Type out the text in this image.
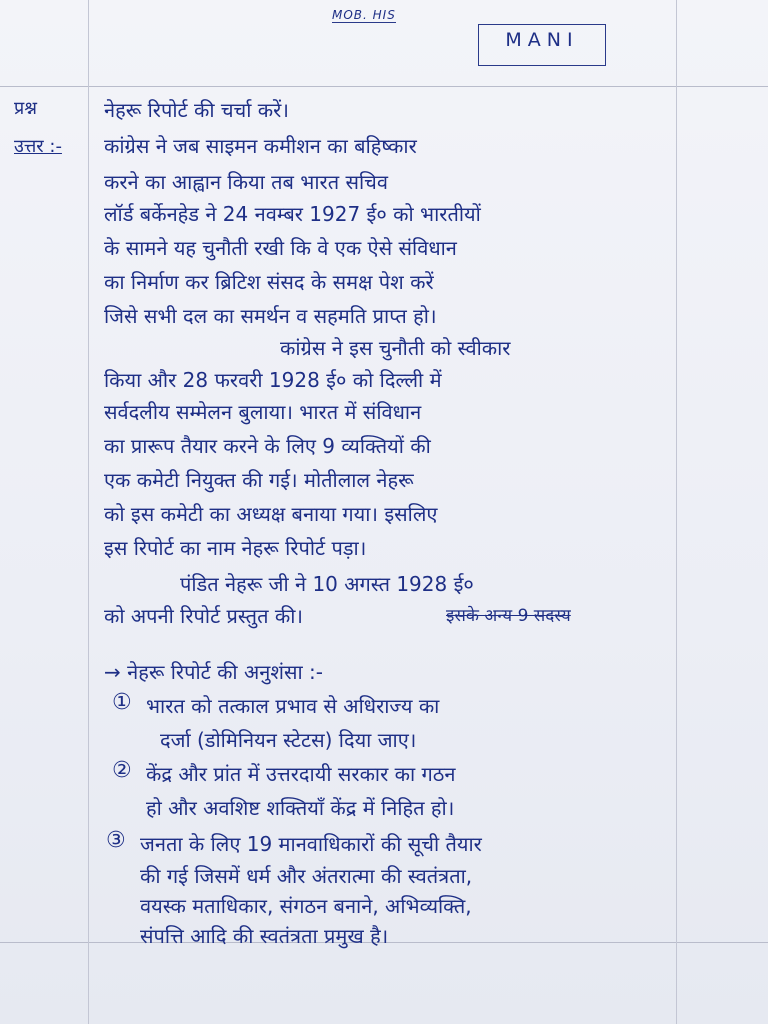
MOB. HIS
MANI
प्रश्न	नेहरू रिपोर्ट की चर्चा करें।
उत्तर :- कांग्रेस ने जब साइमन कमीशन का बहिष्कार
करने का आह्वान किया तब भारत सचिव
लॉर्ड बर्केनहेड ने 24 नवम्बर 1927 ई० को भारतीयों
के सामने यह चुनौती रखी कि वे एक ऐसे संविधान
का निर्माण कर ब्रिटिश संसद के समक्ष पेश करें
जिसे सभी दल का समर्थन व सहमति प्राप्त हो।
कांग्रेस ने इस चुनौती को स्वीकार
किया और 28 फरवरी 1928 ई० को दिल्ली में
सर्वदलीय सम्मेलन बुलाया। भारत में संविधान
का प्रारूप तैयार करने के लिए 9 व्यक्तियों की
एक कमेटी नियुक्त की गई। मोतीलाल नेहरू
को इस कमेटी का अध्यक्ष बनाया गया। इसलिए
इस रिपोर्ट का नाम नेहरू रिपोर्ट पड़ा।
पंडित नेहरू जी ने 10 अगस्त 1928 ई०
को अपनी रिपोर्ट प्रस्तुत की।	इसके अन्य 9 सदस्य
→ नेहरू रिपोर्ट की अनुशंसा :-
① भारत को तत्काल प्रभाव से अधिराज्य का
दर्जा (डोमिनियन स्टेटस) दिया जाए।
② केंद्र और प्रांत में उत्तरदायी सरकार का गठन
हो और अवशिष्ट शक्तियाँ केंद्र में निहित हो।
③ जनता के लिए 19 मानवाधिकारों की सूची तैयार
की गई जिसमें धर्म और अंतरात्मा की स्वतंत्रता,
वयस्क मताधिकार, संगठन बनाने, अभिव्यक्ति,
संपत्ति आदि की स्वतंत्रता प्रमुख है।
